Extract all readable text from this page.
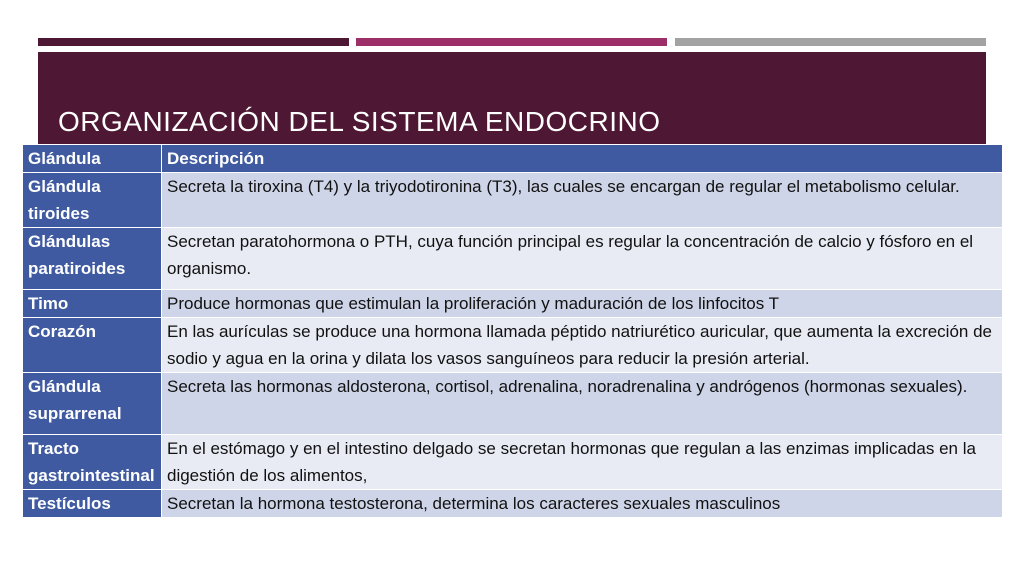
ORGANIZACIÓN DEL SISTEMA ENDOCRINO
Glándula	Descripción
Glándula tiroides	Secreta la tiroxina (T4) y la triyodotironina (T3), las cuales se encargan de regular el metabolismo celular.
Glándulas paratiroides	Secretan paratohormona o PTH, cuya función principal es regular la concentración de calcio y fósforo en el organismo.
Timo	Produce hormonas que estimulan la proliferación y maduración de los linfocitos T
Corazón	En las aurículas se produce una hormona llamada péptido natriurético auricular, que aumenta la excreción de sodio y agua en la orina y dilata los vasos sanguíneos para reducir la presión arterial.
Glándula suprarrenal	Secreta las hormonas aldosterona, cortisol, adrenalina, noradrenalina y andrógenos (hormonas sexuales).
Tracto gastrointestinal	En el estómago y en el intestino delgado se secretan hormonas que regulan a las enzimas implicadas en la digestión de los alimentos,
Testículos	Secretan la hormona testosterona, determina los caracteres sexuales masculinos
